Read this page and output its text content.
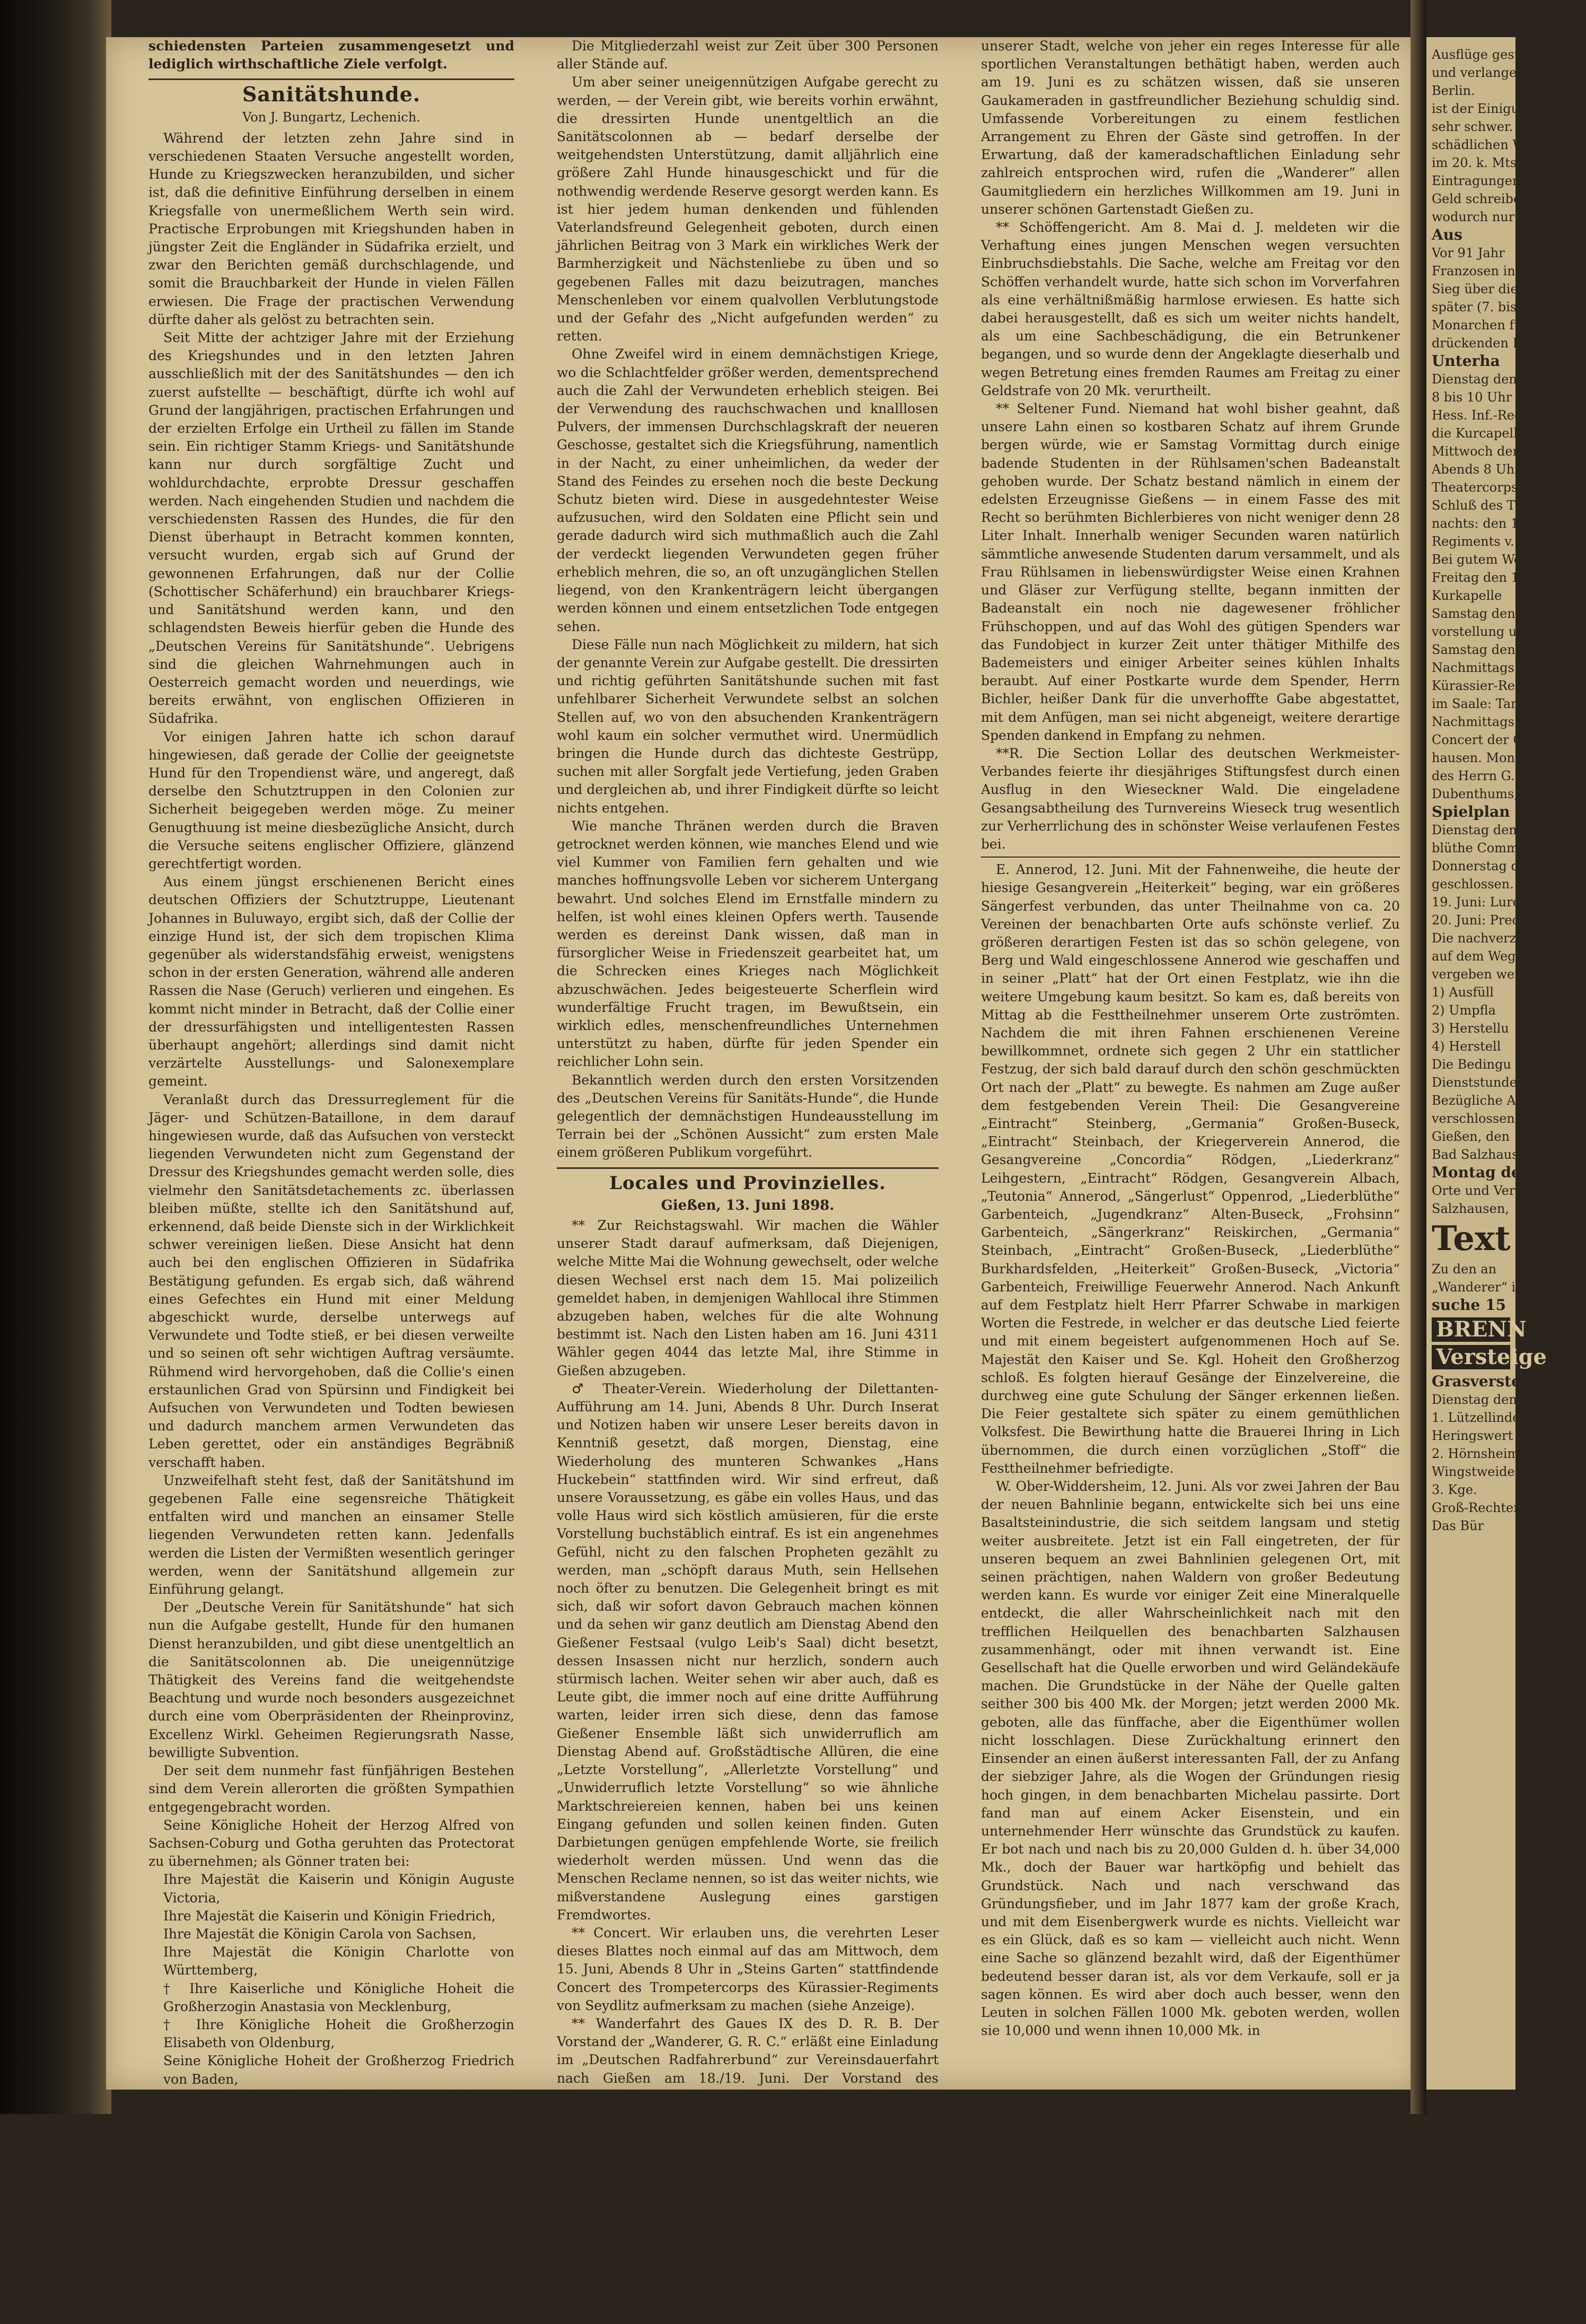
schiedensten Parteien zusammengesetzt und lediglich wirthschaftliche Ziele verfolgt.

Sanitätshunde.
Von J. Bungartz, Lechenich.

Während der letzten zehn Jahre sind in verschiedenen Staaten Versuche angestellt worden, Hunde zu Kriegszwecken heranzubilden, und sicher ist, daß die definitive Einführung derselben in einem Kriegsfalle von unermeßlichem Werth sein wird. Practische Erprobungen mit Kriegshunden haben in jüngster Zeit die Engländer in Südafrika erzielt, und zwar den Berichten gemäß durchschlagende, und somit die Brauchbarkeit der Hunde in vielen Fällen erwiesen. Die Frage der practischen Verwendung dürfte daher als gelöst zu betrachten sein.

Seit Mitte der achtziger Jahre mit der Erziehung des Kriegshundes und in den letzten Jahren ausschließlich mit der des Sanitätshundes — den ich zuerst aufstellte — beschäftigt, dürfte ich wohl auf Grund der langjährigen, practischen Erfahrungen und der erzielten Erfolge ein Urtheil zu fällen im Stande sein. Ein richtiger Stamm Kriegs- und Sanitätshunde kann nur durch sorgfältige Zucht und wohldurchdachte, erprobte Dressur geschaffen werden. Nach eingehenden Studien und nachdem die verschiedensten Rassen des Hundes, die für den Dienst überhaupt in Betracht kommen konnten, versucht wurden, ergab sich auf Grund der gewonnenen Erfahrungen, daß nur der Collie (Schottischer Schäferhund) ein brauchbarer Kriegs- und Sanitätshund werden kann, und den schlagendsten Beweis hierfür geben die Hunde des „Deutschen Vereins für Sanitätshunde“. Uebrigens sind die gleichen Wahrnehmungen auch in Oesterreich gemacht worden und neuerdings, wie bereits erwähnt, von englischen Offizieren in Südafrika.

Vor einigen Jahren hatte ich schon darauf hingewiesen, daß gerade der Collie der geeignetste Hund für den Tropendienst wäre, und angeregt, daß derselbe den Schutztruppen in den Colonien zur Sicherheit beigegeben werden möge. Zu meiner Genugthuung ist meine diesbezügliche Ansicht, durch die Versuche seitens englischer Offiziere, glänzend gerechtfertigt worden.

Aus einem jüngst erschienenen Bericht eines deutschen Offiziers der Schutztruppe, Lieutenant Johannes in Buluwayo, ergibt sich, daß der Collie der einzige Hund ist, der sich dem tropischen Klima gegenüber als widerstandsfähig erweist, wenigstens schon in der ersten Generation, während alle anderen Rassen die Nase (Geruch) verlieren und eingehen. Es kommt nicht minder in Betracht, daß der Collie einer der dressurfähigsten und intelligentesten Rassen überhaupt angehört; allerdings sind damit nicht verzärtelte Ausstellungs- und Salonexemplare gemeint.

Veranlaßt durch das Dressurreglement für die Jäger- und Schützen-Bataillone, in dem darauf hingewiesen wurde, daß das Aufsuchen von versteckt liegenden Verwundeten nicht zum Gegenstand der Dressur des Kriegshundes gemacht werden solle, dies vielmehr den Sanitätsdetachements zc. überlassen bleiben müßte, stellte ich den Sanitätshund auf, erkennend, daß beide Dienste sich in der Wirklichkeit schwer vereinigen ließen. Diese Ansicht hat denn auch bei den englischen Offizieren in Südafrika Bestätigung gefunden. Es ergab sich, daß während eines Gefechtes ein Hund mit einer Meldung abgeschickt wurde, derselbe unterwegs auf Verwundete und Todte stieß, er bei diesen verweilte und so seinen oft sehr wichtigen Auftrag versäumte. Rühmend wird hervorgehoben, daß die Collie's einen erstaunlichen Grad von Spürsinn und Findigkeit bei Aufsuchen von Verwundeten und Todten bewiesen und dadurch manchem armen Verwundeten das Leben gerettet, oder ein anständiges Begräbniß verschafft haben.

Unzweifelhaft steht fest, daß der Sanitätshund im gegebenen Falle eine segensreiche Thätigkeit entfalten wird und manchen an einsamer Stelle liegenden Verwundeten retten kann. Jedenfalls werden die Listen der Vermißten wesentlich geringer werden, wenn der Sanitätshund allgemein zur Einführung gelangt.

Der „Deutsche Verein für Sanitätshunde“ hat sich nun die Aufgabe gestellt, Hunde für den humanen Dienst heranzubilden, und gibt diese unentgeltlich an die Sanitätscolonnen ab. Die uneigennützige Thätigkeit des Vereins fand die weitgehendste Beachtung und wurde noch besonders ausgezeichnet durch eine vom Oberpräsidenten der Rheinprovinz, Excellenz Wirkl. Geheimen Regierungsrath Nasse, bewilligte Subvention.

Der seit dem nunmehr fast fünfjährigen Bestehen sind dem Verein allerorten die größten Sympathien entgegengebracht worden.

Seine Königliche Hoheit der Herzog Alfred von Sachsen-Coburg und Gotha geruhten das Protectorat zu übernehmen; als Gönner traten bei:

Ihre Majestät die Kaiserin und Königin Auguste Victoria,

Ihre Majestät die Kaiserin und Königin Friedrich,

Ihre Majestät die Königin Carola von Sachsen,

Ihre Majestät die Königin Charlotte von Württemberg,

† Ihre Kaiserliche und Königliche Hoheit die Großherzogin Anastasia von Mecklenburg,

† Ihre Königliche Hoheit die Großherzogin Elisabeth von Oldenburg,

Seine Königliche Hoheit der Großherzog Friedrich von Baden,

Seine Königliche Hoheit der Großherzog Peter von Oldenburg,

Seine Königliche Hoheit der Prinzregent Albrecht von Braunschweig,

Seine Hoheit der Herzog Ernst von Sachsen-Altenburg,

Seine Hoheit der Herzog Georg II. von Sachsen-Meiningen,

Seine Hoheit der Herzog Friedrich von Anhalt,

Seine Durchlaucht Fürst zu Wied, Kaiserlicher Commissar und Militär-Inspecteur der Vereine zur Pflege im Felde verwundeter und erkrankter Krieger.

Die Mitgliederzahl weist zur Zeit über 300 Personen aller Stände auf.

Um aber seiner uneigennützigen Aufgabe gerecht zu werden, — der Verein gibt, wie bereits vorhin erwähnt, die dressirten Hunde unentgeltlich an die Sanitätscolonnen ab — bedarf derselbe der weitgehendsten Unterstützung, damit alljährlich eine größere Zahl Hunde hinausgeschickt und für die nothwendig werdende Reserve gesorgt werden kann. Es ist hier jedem human denkenden und fühlenden Vaterlandsfreund Gelegenheit geboten, durch einen jährlichen Beitrag von 3 Mark ein wirkliches Werk der Barmherzigkeit und Nächstenliebe zu üben und so gegebenen Falles mit dazu beizutragen, manches Menschenleben vor einem qualvollen Verblutungstode und der Gefahr des „Nicht aufgefunden werden“ zu retten.

Ohne Zweifel wird in einem demnächstigen Kriege, wo die Schlachtfelder größer werden, dementsprechend auch die Zahl der Verwundeten erheblich steigen. Bei der Verwendung des rauchschwachen und knalllosen Pulvers, der immensen Durchschlagskraft der neueren Geschosse, gestaltet sich die Kriegsführung, namentlich in der Nacht, zu einer unheimlichen, da weder der Stand des Feindes zu ersehen noch die beste Deckung Schutz bieten wird. Diese in ausgedehntester Weise aufzusuchen, wird den Soldaten eine Pflicht sein und gerade dadurch wird sich muthmaßlich auch die Zahl der verdeckt liegenden Verwundeten gegen früher erheblich mehren, die so, an oft unzugänglichen Stellen liegend, von den Krankenträgern leicht übergangen werden können und einem entsetzlichen Tode entgegen sehen.

Diese Fälle nun nach Möglichkeit zu mildern, hat sich der genannte Verein zur Aufgabe gestellt. Die dressirten und richtig geführten Sanitätshunde suchen mit fast unfehlbarer Sicherheit Verwundete selbst an solchen Stellen auf, wo von den absuchenden Krankenträgern wohl kaum ein solcher vermuthet wird. Unermüdlich bringen die Hunde durch das dichteste Gestrüpp, suchen mit aller Sorgfalt jede Vertiefung, jeden Graben und dergleichen ab, und ihrer Findigkeit dürfte so leicht nichts entgehen.

Wie manche Thränen werden durch die Braven getrocknet werden können, wie manches Elend und wie viel Kummer von Familien fern gehalten und wie manches hoffnungsvolle Leben vor sicherem Untergang bewahrt. Und solches Elend im Ernstfalle mindern zu helfen, ist wohl eines kleinen Opfers werth. Tausende werden es dereinst Dank wissen, daß man in fürsorglicher Weise in Friedenszeit gearbeitet hat, um die Schrecken eines Krieges nach Möglichkeit abzuschwächen. Jedes beigesteuerte Scherflein wird wunderfältige Frucht tragen, im Bewußtsein, ein wirklich edles, menschenfreundliches Unternehmen unterstützt zu haben, dürfte für jeden Spender ein reichlicher Lohn sein.

Bekanntlich werden durch den ersten Vorsitzenden des „Deutschen Vereins für Sanitäts-Hunde“, die Hunde gelegentlich der demnächstigen Hundeausstellung im Terrain bei der „Schönen Aussicht“ zum ersten Male einem größeren Publikum vorgeführt.

Locales und Provinzielles.
Gießen, 13. Juni 1898.

** Zur Reichstagswahl. Wir machen die Wähler unserer Stadt darauf aufmerksam, daß Diejenigen, welche Mitte Mai die Wohnung gewechselt, oder welche diesen Wechsel erst nach dem 15. Mai polizeilich gemeldet haben, in demjenigen Wahllocal ihre Stimmen abzugeben haben, welches für die alte Wohnung bestimmt ist. Nach den Listen haben am 16. Juni 4311 Wähler gegen 4044 das letzte Mal, ihre Stimme in Gießen abzugeben.

♂ Theater-Verein. Wiederholung der Dilettanten-Aufführung am 14. Juni, Abends 8 Uhr. Durch Inserat und Notizen haben wir unsere Leser bereits davon in Kenntniß gesetzt, daß morgen, Dienstag, eine Wiederholung des munteren Schwankes „Hans Huckebein“ stattfinden wird. Wir sind erfreut, daß unsere Voraussetzung, es gäbe ein volles Haus, und das volle Haus wird sich köstlich amüsieren, für die erste Vorstellung buchstäblich eintraf. Es ist ein angenehmes Gefühl, nicht zu den falschen Propheten gezählt zu werden, man „schöpft daraus Muth, sein Hellsehen noch öfter zu benutzen. Die Gelegenheit bringt es mit sich, daß wir sofort davon Gebrauch machen können und da sehen wir ganz deutlich am Dienstag Abend den Gießener Festsaal (vulgo Leib's Saal) dicht besetzt, dessen Insassen nicht nur herzlich, sondern auch stürmisch lachen. Weiter sehen wir aber auch, daß es Leute gibt, die immer noch auf eine dritte Aufführung warten, leider irren sich diese, denn das famose Gießener Ensemble läßt sich unwiderruflich am Dienstag Abend auf. Großstädtische Allüren, die eine „Letzte Vorstellung“, „Allerletzte Vorstellung“ und „Unwiderruflich letzte Vorstellung“ so wie ähnliche Marktschreiereien kennen, haben bei uns keinen Eingang gefunden und sollen keinen finden. Guten Darbietungen genügen empfehlende Worte, sie freilich wiederholt werden müssen. Und wenn das die Menschen Reclame nennen, so ist das weiter nichts, wie mißverstandene Auslegung eines garstigen Fremdwortes.

** Concert. Wir erlauben uns, die verehrten Leser dieses Blattes noch einmal auf das am Mittwoch, dem 15. Juni, Abends 8 Uhr in „Steins Garten“ stattfindende Concert des Trompetercorps des Kürassier-Regiments von Seydlitz aufmerksam zu machen (siehe Anzeige).

** Wanderfahrt des Gaues IX des D. R. B. Der Vorstand der „Wanderer, G. R. C.“ erläßt eine Einladung im „Deutschen Radfahrerbund“ zur Vereinsdauerfahrt nach Gießen am 18./19. Juni. Der Vorstand des Wanderer spricht seine Freude aus, daß der Gauvorstand dem auf dem Herbstgautage vor. Jahres in Nauheim gestellten und angenommenen Antrage — alljährlich mindestens eine seiner größeren Veranstaltungen in die hiesige Gegend (Nordbezirk) zu verlegen — so schnell durch die Festsetzung dieser Wanderfahrt nach Gießen entsprochen hat. Die Bewohner

unserer Stadt, welche von jeher ein reges Interesse für alle sportlichen Veranstaltungen bethätigt haben, werden auch am 19. Juni es zu schätzen wissen, daß sie unseren Gaukameraden in gastfreundlicher Beziehung schuldig sind. Umfassende Vorbereitungen zu einem festlichen Arrangement zu Ehren der Gäste sind getroffen. In der Erwartung, daß der kameradschaftlichen Einladung sehr zahlreich entsprochen wird, rufen die „Wanderer“ allen Gaumitgliedern ein herzliches Willkommen am 19. Juni in unserer schönen Gartenstadt Gießen zu.

** Schöffengericht. Am 8. Mai d. J. meldeten wir die Verhaftung eines jungen Menschen wegen versuchten Einbruchsdiebstahls. Die Sache, welche am Freitag vor den Schöffen verhandelt wurde, hatte sich schon im Vorverfahren als eine verhältnißmäßig harmlose erwiesen. Es hatte sich dabei herausgestellt, daß es sich um weiter nichts handelt, als um eine Sachbeschädigung, die ein Betrunkener begangen, und so wurde denn der Angeklagte dieserhalb und wegen Betretung eines fremden Raumes am Freitag zu einer Geldstrafe von 20 Mk. verurtheilt.

** Seltener Fund. Niemand hat wohl bisher geahnt, daß unsere Lahn einen so kostbaren Schatz auf ihrem Grunde bergen würde, wie er Samstag Vormittag durch einige badende Studenten in der Rühlsamen'schen Badeanstalt gehoben wurde. Der Schatz bestand nämlich in einem der edelsten Erzeugnisse Gießens — in einem Fasse des mit Recht so berühmten Bichlerbieres von nicht weniger denn 28 Liter Inhalt. Innerhalb weniger Secunden waren natürlich sämmtliche anwesende Studenten darum versammelt, und als Frau Rühlsamen in liebenswürdigster Weise einen Krahnen und Gläser zur Verfügung stellte, begann inmitten der Badeanstalt ein noch nie dagewesener fröhlicher Frühschoppen, und auf das Wohl des gütigen Spenders war das Fundobject in kurzer Zeit unter thätiger Mithilfe des Bademeisters und einiger Arbeiter seines kühlen Inhalts beraubt. Auf einer Postkarte wurde dem Spender, Herrn Bichler, heißer Dank für die unverhoffte Gabe abgestattet, mit dem Anfügen, man sei nicht abgeneigt, weitere derartige Spenden dankend in Empfang zu nehmen.

**R. Die Section Lollar des deutschen Werkmeister-Verbandes feierte ihr diesjähriges Stiftungsfest durch einen Ausflug in den Wieseckner Wald. Die eingeladene Gesangsabtheilung des Turnvereins Wieseck trug wesentlich zur Verherrlichung des in schönster Weise verlaufenen Festes bei.

E. Annerod, 12. Juni. Mit der Fahnenweihe, die heute der hiesige Gesangverein „Heiterkeit“ beging, war ein größeres Sängerfest verbunden, das unter Theilnahme von ca. 20 Vereinen der benachbarten Orte aufs schönste verlief. Zu größeren derartigen Festen ist das so schön gelegene, von Berg und Wald eingeschlossene Annerod wie geschaffen und in seiner „Platt“ hat der Ort einen Festplatz, wie ihn die weitere Umgebung kaum besitzt. So kam es, daß bereits von Mittag ab die Festtheilnehmer unserem Orte zuströmten. Nachdem die mit ihren Fahnen erschienenen Vereine bewillkommnet, ordnete sich gegen 2 Uhr ein stattlicher Festzug, der sich bald darauf durch den schön geschmückten Ort nach der „Platt“ zu bewegte. Es nahmen am Zuge außer dem festgebenden Verein Theil: Die Gesangvereine „Eintracht“ Steinberg, „Germania“ Großen-Buseck, „Eintracht“ Steinbach, der Kriegerverein Annerod, die Gesangvereine „Concordia“ Rödgen, „Liederkranz“ Leihgestern, „Eintracht“ Rödgen, Gesangverein Albach, „Teutonia“ Annerod, „Sängerlust“ Oppenrod, „Liederblüthe“ Garbenteich, „Jugendkranz“ Alten-Buseck, „Frohsinn“ Garbenteich, „Sängerkranz“ Reiskirchen, „Germania“ Steinbach, „Eintracht“ Großen-Buseck, „Liederblüthe“ Burkhardsfelden, „Heiterkeit“ Großen-Buseck, „Victoria“ Garbenteich, Freiwillige Feuerwehr Annerod. Nach Ankunft auf dem Festplatz hielt Herr Pfarrer Schwabe in markigen Worten die Festrede, in welcher er das deutsche Lied feierte und mit einem begeistert aufgenommenen Hoch auf Se. Majestät den Kaiser und Se. Kgl. Hoheit den Großherzog schloß. Es folgten hierauf Gesänge der Einzelvereine, die durchweg eine gute Schulung der Sänger erkennen ließen. Die Feier gestaltete sich später zu einem gemüthlichen Volksfest. Die Bewirthung hatte die Brauerei Ihring in Lich übernommen, die durch einen vorzüglichen „Stoff“ die Festtheilnehmer befriedigte.

W. Ober-Widdersheim, 12. Juni. Als vor zwei Jahren der Bau der neuen Bahnlinie begann, entwickelte sich bei uns eine Basaltsteinindustrie, die sich seitdem langsam und stetig weiter ausbreitete. Jetzt ist ein Fall eingetreten, der für unseren bequem an zwei Bahnlinien gelegenen Ort, mit seinen prächtigen, nahen Waldern von großer Bedeutung werden kann. Es wurde vor einiger Zeit eine Mineralquelle entdeckt, die aller Wahrscheinlichkeit nach mit den trefflichen Heilquellen des benachbarten Salzhausen zusammenhängt, oder mit ihnen verwandt ist. Eine Gesellschaft hat die Quelle erworben und wird Geländekäufe machen. Die Grundstücke in der Nähe der Quelle galten seither 300 bis 400 Mk. der Morgen; jetzt werden 2000 Mk. geboten, alle das fünffache, aber die Eigenthümer wollen nicht losschlagen. Diese Zurückhaltung erinnert den Einsender an einen äußerst interessanten Fall, der zu Anfang der siebziger Jahre, als die Wogen der Gründungen riesig hoch gingen, in dem benachbarten Michelau passirte. Dort fand man auf einem Acker Eisenstein, und ein unternehmender Herr wünschte das Grundstück zu kaufen. Er bot nach und nach bis zu 20,000 Gulden d. h. über 34,000 Mk., doch der Bauer war hartköpfig und behielt das Grundstück. Nach und nach verschwand das Gründungsfieber, und im Jahr 1877 kam der große Krach, und mit dem Eisenbergwerk wurde es nichts. Vielleicht war es ein Glück, daß es so kam — vielleicht auch nicht. Wenn eine Sache so glänzend bezahlt wird, daß der Eigenthümer bedeutend besser daran ist, als vor dem Verkaufe, soll er ja sagen können. Es wird aber doch auch besser, wenn den Leuten in solchen Fällen 1000 Mk. geboten werden, wollen sie 10,000 und wenn ihnen 10,000 Mk. in

Ausflüge gestellt w
und verlangen 50,0
Berlin.
ist der Einigung
sehr schwer.
schädlichen Weinvert
im 20. k. Mts.
Eintragungen, Angel
Geld schreiben und
wodurch nur der Bunde
Aus
Vor 91 Jahr
Franzosen in den
Sieg über die Ver
später (7. bis 9.
Monarchen für
drückenden Beding
Unterha
Dienstag den
8 bis 10 Uhr auf
Hess. Inf.-Regts.
die Kurcapelle
Mittwoch den 15.
Abends 8 Uhr:
Theatercorps
Schluß des Theaters
nachts: den 16.
Regiments v. Seyd
Bei gutem Wetter
Freitag den 17. Juni
Kurkapelle
Samstag den 18.
vorstellung unter
Samstag den 18.
Nachmittags von 3
Kürassier-Regiments
im Saale: Tanz
Nachmittags von 4
Concert der Capelle
hausen. Montag d
des Herrn G. W.
Dubenthums, 20 den
Spielplan der
Dienstag den 1
blüthe Comm
Donnerstag den 16
geschlossen. Samst
19. Juni: Lurez
20. Juni: Precios
Die nachverz
auf dem Wege der
vergeben werden, u
1) Ausfüll
2) Umpfla
3) Herstellu
4) Herstell
Die Bedingu
Dienststunden auf
Bezügliche Ang
verschlossen und mit
Gießen, den
Bad Salzhausen
Montag de
Orte und Vereine
Salzhausen,
Text
Zu den an
„Wanderer“ in
suche 15
BRENN
Versteige
Grasverste
Dienstag den
1. Lützellinden,
Heringswert
2. Hörnsheim,
Wingstweide
3. Kge.
Groß-Rechtenbach
Das Bür
